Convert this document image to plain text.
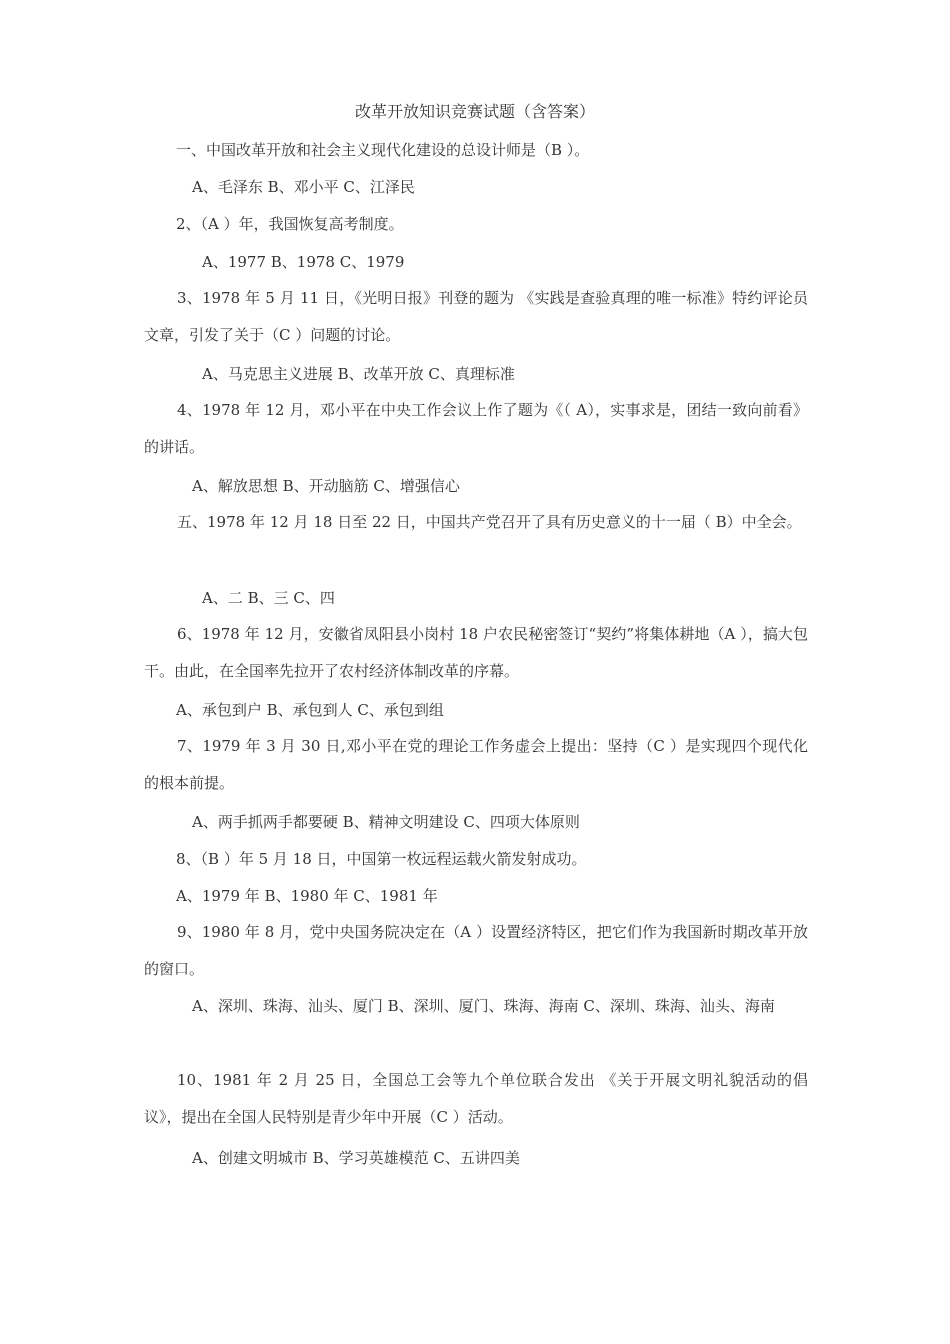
改革开放知识竞赛试题（含答案）
一、中国改革开放和社会主义现代化建设的总设计师是（B ）。
A、毛泽东 B、邓小平 C、江泽民
2、（A ）年，我国恢复高考制度。
A、1977 B、1978 C、1979
3、1978 年 5 月 11 日，《光明日报》刊登的题为 《实践是查验真理的唯一标准》特约评论员文章，引发了关于（C ）问题的讨论。
A、马克思主义进展 B、改革开放 C、真理标准
4、1978 年 12 月，邓小平在中央工作会议上作了题为《（ A），实事求是，团结一致向前看》的讲话。
A、解放思想 B、开动脑筋 C、增强信心
五、1978 年 12 月 18 日至 22 日，中国共产党召开了具有历史意义的十一届（ B）中全会。
A、二 B、三 C、四
6、1978 年 12 月，安徽省凤阳县小岗村 18 户农民秘密签订“契约”将集体耕地（A ），搞大包干。由此，在全国率先拉开了农村经济体制改革的序幕。
A、承包到户 B、承包到人 C、承包到组
7、1979 年 3 月 30 日,邓小平在党的理论工作务虚会上提出：坚持（C ）是实现四个现代化的根本前提。
A、两手抓两手都要硬 B、精神文明建设 C、四项大体原则
8、（B ）年 5 月 18 日，中国第一枚远程运载火箭发射成功。
A、1979 年 B、1980 年 C、1981 年
9、1980 年 8 月，党中央国务院决定在（A ）设置经济特区，把它们作为我国新时期改革开放的窗口。
A、深圳、珠海、汕头、厦门 B、深圳、厦门、珠海、海南 C、深圳、珠海、汕头、海南
10、1981 年 2 月 25 日，全国总工会等九个单位联合发出 《关于开展文明礼貌活动的倡议》，提出在全国人民特别是青少年中开展（C ）活动。
A、创建文明城市 B、学习英雄模范 C、五讲四美
